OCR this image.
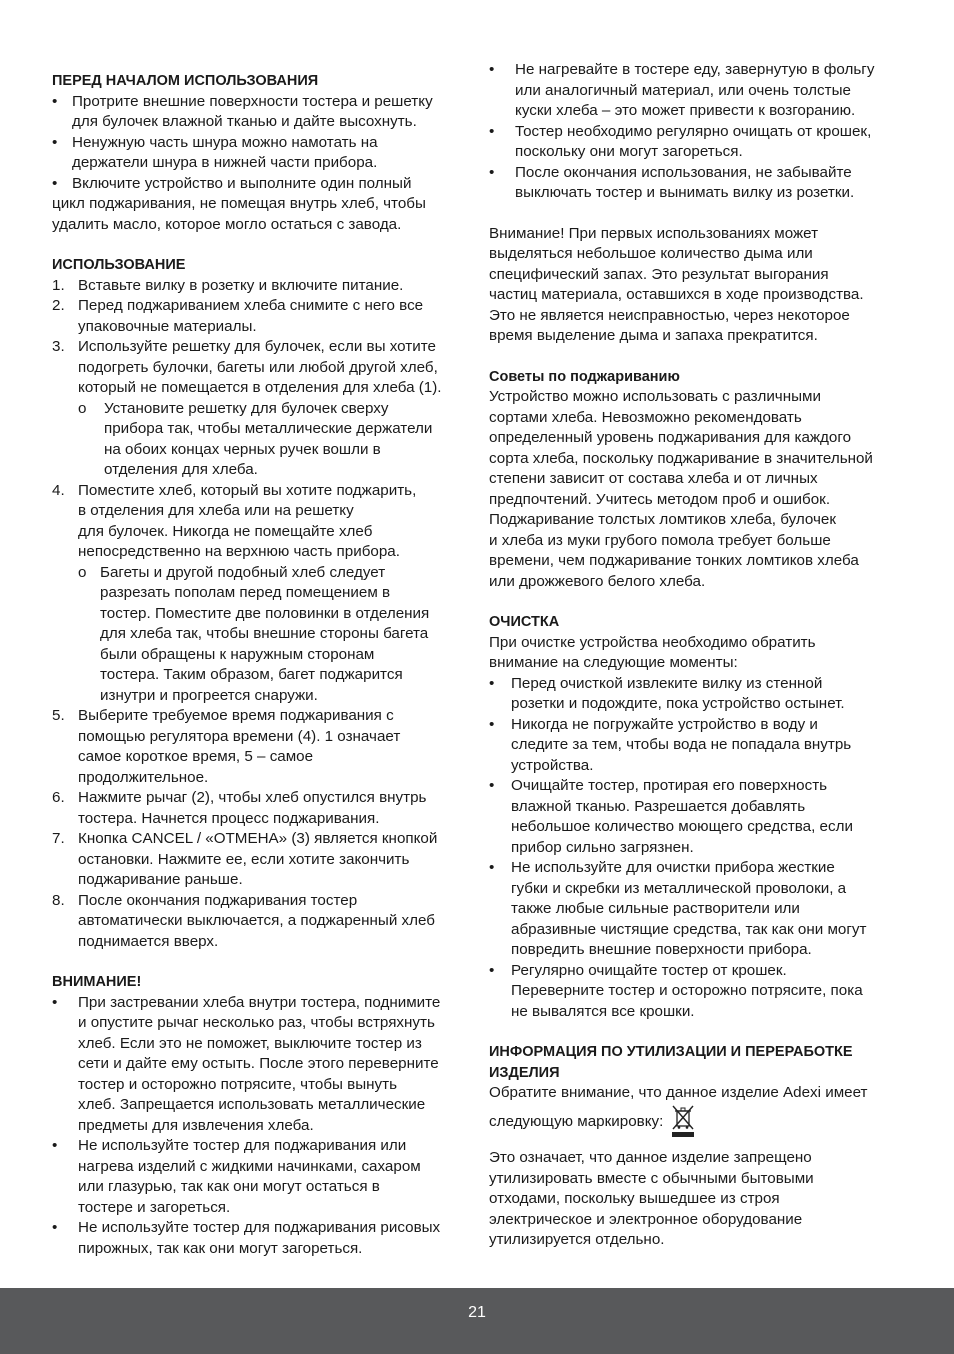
ПЕРЕД НАЧАЛОМ ИСПОЛЬЗОВАНИЯ
• Протрите внешние поверхности тостера и решетку
для булочек влажной тканью и дайте высохнуть.
• Ненужную часть шнура можно намотать на
держатели шнура в нижней части прибора.
• Включите устройство и выполните один полный
цикл поджаривания, не помещая внутрь хлеб, чтобы
удалить масло, которое могло остаться с завода.
ИСПОЛЬЗОВАНИЕ
1. Вставьте вилку в розетку и включите питание.
2. Перед поджариванием хлеба снимите с него все
упаковочные материалы.
3. Используйте решетку для булочек, если вы хотите
подогреть булочки, багеты или любой другой хлеб,
который не помещается в отделения для хлеба (1).
o Установите решетку для булочек сверху
прибора так, чтобы металлические держатели
на обоих концах черных ручек вошли в
отделения для хлеба.
4. Поместите хлеб, который вы хотите поджарить,
в отделения для хлеба или на решетку
для булочек. Никогда не помещайте хлеб
непосредственно на верхнюю часть прибора.
o Багеты и другой подобный хлеб следует
разрезать пополам перед помещением в
тостер. Поместите две половинки в отделения
для хлеба так, чтобы внешние стороны багета
были обращены к наружным сторонам
тостера. Таким образом, багет поджарится
изнутри и прогреется снаружи.
5. Выберите требуемое время поджаривания с
помощью регулятора времени (4). 1 означает
самое короткое время, 5 – самое
продолжительное.
6. Нажмите рычаг (2), чтобы хлеб опустился внутрь
тостера. Начнется процесс поджаривания.
7. Кнопка CANCEL / «ОТМЕНА» (3) является кнопкой
остановки. Нажмите ее, если хотите закончить
поджаривание раньше.
8. После окончания поджаривания тостер
автоматически выключается, а поджаренный хлеб
поднимается вверх.
ВНИМАНИЕ!
• При застревании хлеба внутри тостера, поднимите
и опустите рычаг несколько раз, чтобы встряхнуть
хлеб. Если это не поможет, выключите тостер из
сети и дайте ему остыть. После этого переверните
тостер и осторожно потрясите, чтобы вынуть
хлеб. Запрещается использовать металлические
предметы для извлечения хлеба.
• Не используйте тостер для поджаривания или
нагрева изделий с жидкими начинками, сахаром
или глазурью, так как они могут остаться в
тостере и загореться.
• Не используйте тостер для поджаривания рисовых
пирожных, так как они могут загореться.
• Не нагревайте в тостере еду, завернутую в фольгу
или аналогичный материал, или очень толстые
куски хлеба – это может привести к возгоранию.
• Тостер необходимо регулярно очищать от крошек,
поскольку они могут загореться.
• После окончания использования, не забывайте
выключать тостер и вынимать вилку из розетки.
Внимание! При первых использованиях может
выделяться небольшое количество дыма или
специфический запах. Это результат выгорания
частиц материала, оставшихся в ходе производства.
Это не является неисправностью, через некоторое
время выделение дыма и запаха прекратится.
Советы по поджариванию
Устройство можно использовать с различными
сортами хлеба. Невозможно рекомендовать
определенный уровень поджаривания для каждого
сорта хлеба, поскольку поджаривание в значительной
степени зависит от состава хлеба и от личных
предпочтений. Учитесь методом проб и ошибок.
Поджаривание толстых ломтиков хлеба, булочек
и хлеба из муки грубого помола требует больше
времени, чем поджаривание тонких ломтиков хлеба
или дрожжевого белого хлеба.
ОЧИСТКА
При очистке устройства необходимо обратить
внимание на следующие моменты:
• Перед очисткой извлеките вилку из стенной
розетки и подождите, пока устройство остынет.
• Никогда не погружайте устройство в воду и
следите за тем, чтобы вода не попадала внутрь
устройства.
• Очищайте тостер, протирая его поверхность
влажной тканью. Разрешается добавлять
небольшое количество моющего средства, если
прибор сильно загрязнен.
• Не используйте для очистки прибора жесткие
губки и скребки из металлической проволоки, а
также любые сильные растворители или
абразивные чистящие средства, так как они могут
повредить внешние поверхности прибора.
• Регулярно очищайте тостер от крошек.
Переверните тостер и осторожно потрясите, пока
не вывалятся все крошки.
ИНФОРМАЦИЯ ПО УТИЛИЗАЦИИ И ПЕРЕРАБОТКЕ
ИЗДЕЛИЯ
Обратите внимание, что данное изделие Adexi имеет
следующую маркировку:
Это означает, что данное изделие запрещено
утилизировать вместе с обычными бытовыми
отходами, поскольку вышедшее из строя
электрическое и электронное оборудование
утилизируется отдельно.
21
